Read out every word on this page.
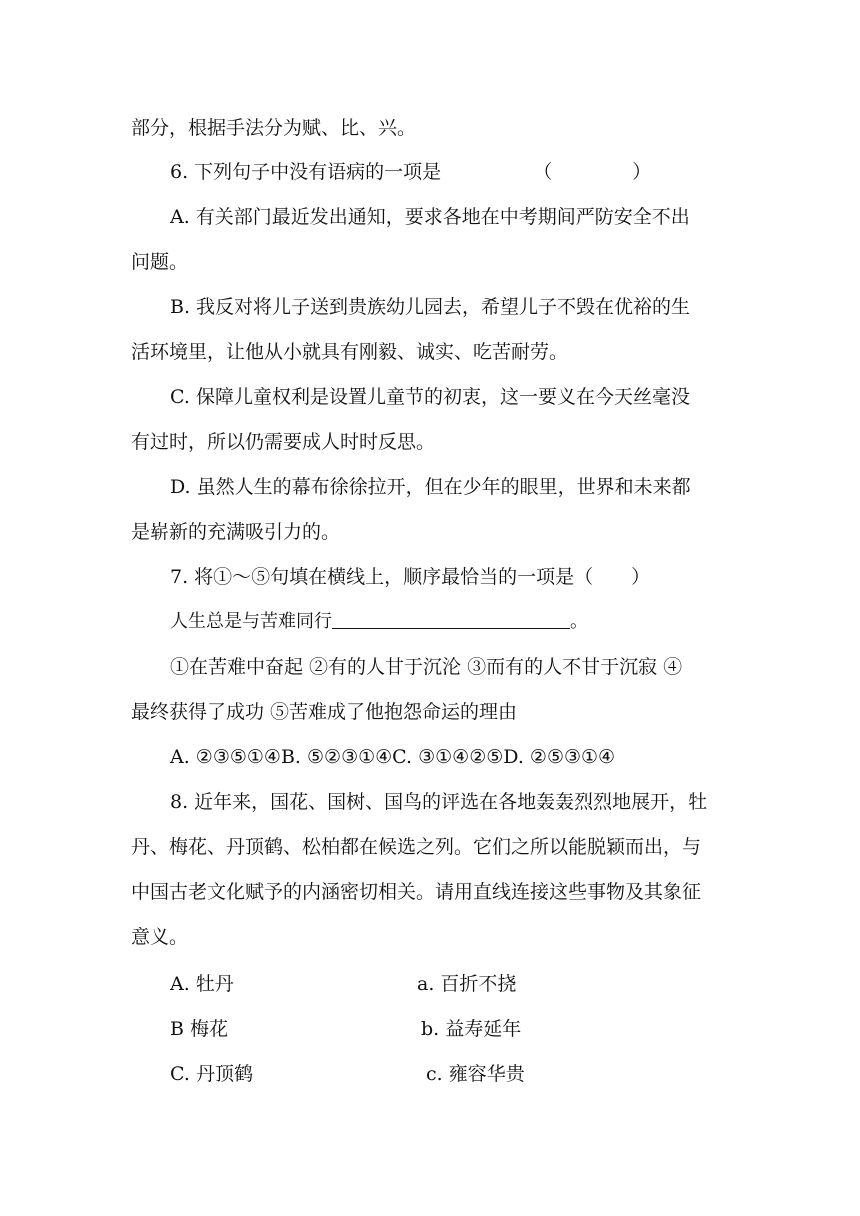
部分，根据手法分为赋、比、兴。
6. 下列句子中没有语病的一项是	（	）
A. 有关部门最近发出通知，要求各地在中考期间严防安全不出
问题。
B. 我反对将儿子送到贵族幼儿园去，希望儿子不毁在优裕的生
活环境里，让他从小就具有刚毅、诚实、吃苦耐劳。
C. 保障儿童权利是设置儿童节的初衷，这一要义在今天丝毫没
有过时，所以仍需要成人时时反思。
D. 虽然人生的幕布徐徐拉开，但在少年的眼里，世界和未来都
是崭新的充满吸引力的。
7. 将①～⑤句填在横线上，顺序最恰当的一项是（ ）
人生总是与苦难同行	。
①在苦难中奋起 ②有的人甘于沉沦 ③而有的人不甘于沉寂 ④
最终获得了成功 ⑤苦难成了他抱怨命运的理由
A. ②③⑤①④B. ⑤②③①④C. ③①④②⑤D. ②⑤③①④
8. 近年来，国花、国树、国鸟的评选在各地轰轰烈烈地展开，牡
丹、梅花、丹顶鹤、松柏都在候选之列。它们之所以能脱颖而出，与
中国古老文化赋予的内涵密切相关。请用直线连接这些事物及其象征
意义。
A. 牡丹	a. 百折不挠
B 梅花	b. 益寿延年
C. 丹顶鹤	c. 雍容华贵
